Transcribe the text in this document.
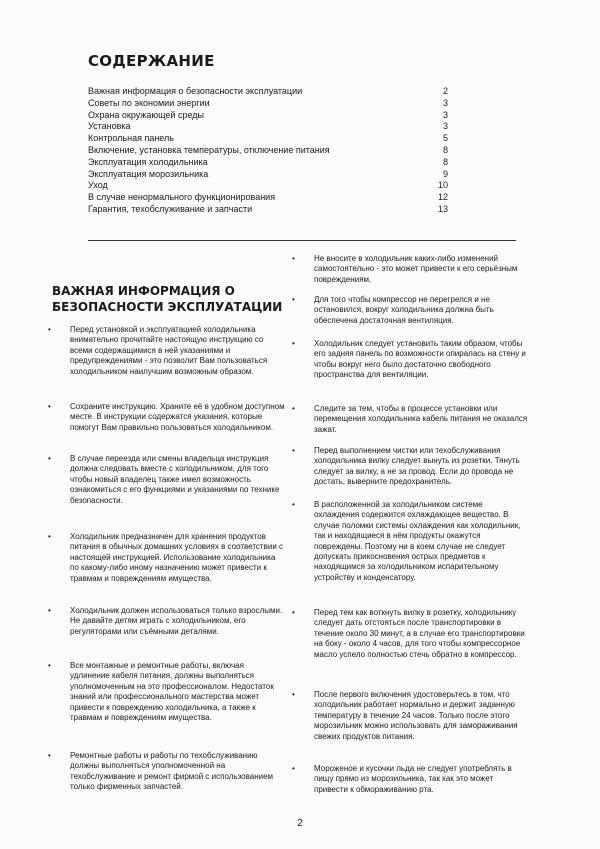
СОДЕРЖАНИЕ
Важная информация о безопасности эксплуатации	2
Советы по экономии энергии	3
Охрана окружающей среды	3
Установка	3
Контрольная панель	5
Включение, установка температуры, отключение питания	8
Эксплуатация холодильника	8
Эксплуатация морозильника	9
Уход	10
В случае ненормального функционирования	12
Гарантия, техобслуживание и запчасти	13
ВАЖНАЯ ИНФОРМАЦИЯ О БЕЗОПАСНОСТИ ЭКСПЛУАТАЦИИ
• Перед установкой и эксплуатацией холодильника внимательно прочитайте настоящую инструкцию со всеми содержащимися в ней указаниями и предупреждениями - это позволит Вам пользоваться холодильником наилучшим возможным образом.
• Сохраните инструкцию. Храните её в удобном доступном месте. В инструкции содержатся указания, которые помогут Вам правильно пользоваться холодильником.
• В случае переезда или смены владельца инструкция должна следовать вместе с холодильником, для того чтобы новый владелец также имел возможность ознакомиться с его функциями и указаниями по технике безопасности.
• Холодильник предназначен для хранения продуктов питания в обычных домашних условиях в соответствии с настоящей инструкцией. Использование холодильника по какому-либо иному назначению может привести к травмам и повреждениям имущества.
• Холодильник должен использоваться только взрослыми. Не давайте детям играть с холодильником, его регуляторами или съёмными деталями.
• Все монтажные и ремонтные работы, включая удлинение кабеля питания, должны выполняться уполномоченным на это профессионалом. Недостаток знаний или профессионального мастерства может привести к повреждению холодильника, а также к травмам и повреждениям имущества.
• Ремонтные работы и работы по техобслуживанию должны выполняться уполномоченной на техобслуживание и ремонт фирмой с использованием только фирменных запчастей.
• Не вносите в холодильник каких-либо изменений самостоятельно - это может привести к его серьёзным повреждениям.
• Для того чтобы компрессор не перегрелся и не остановился, вокруг холодильника должна быть обеспечена достаточная вентиляция.
• Холодильник следует установить таким образом, чтобы его задняя панель по возможности опиралась на стену и чтобы вокруг него было достаточно свободного пространства для вентиляции.
• Следите за тем, чтобы в процессе установки или перемещения холодильника кабель питания не оказался зажат.
• Перед выполнением чистки или техобслуживания холодильника вилку следует вынуть из розетки. Тянуть следует за вилку, а не за провод. Если до провода не достать, выверните предохранитель.
• В расположенной за холодильником системе охлаждения содержится охлаждающее вещество. В случае поломки системы охлаждения как холодильник, так и находящиеся в нём продукты окажутся повреждены. Поэтому ни в коем случае не следует допускать прикосновения острых предметов к находящимся за холодильником испарительному устройству и конденсатору.
• Перед тем как воткнуть вилку в розетку, холодильнику следует дать отстояться после транспортировки в течение около 30 минут, а в случае его транспортировки на боку - около 4 часов, для того чтобы компрессорное масло успело полностью стечь обратно в компрессор.
• После первого включения удостоверьтесь в том, что холодильник работает нормально и держит заданную температуру в течение 24 часов. Только после этого морозильник можно использовать для замораживания свежих продуктов питания.
• Мороженое и кусочки льда не следует употреблять в пищу прямо из морозильника, так как это может привести к обмораживанию рта.
2
